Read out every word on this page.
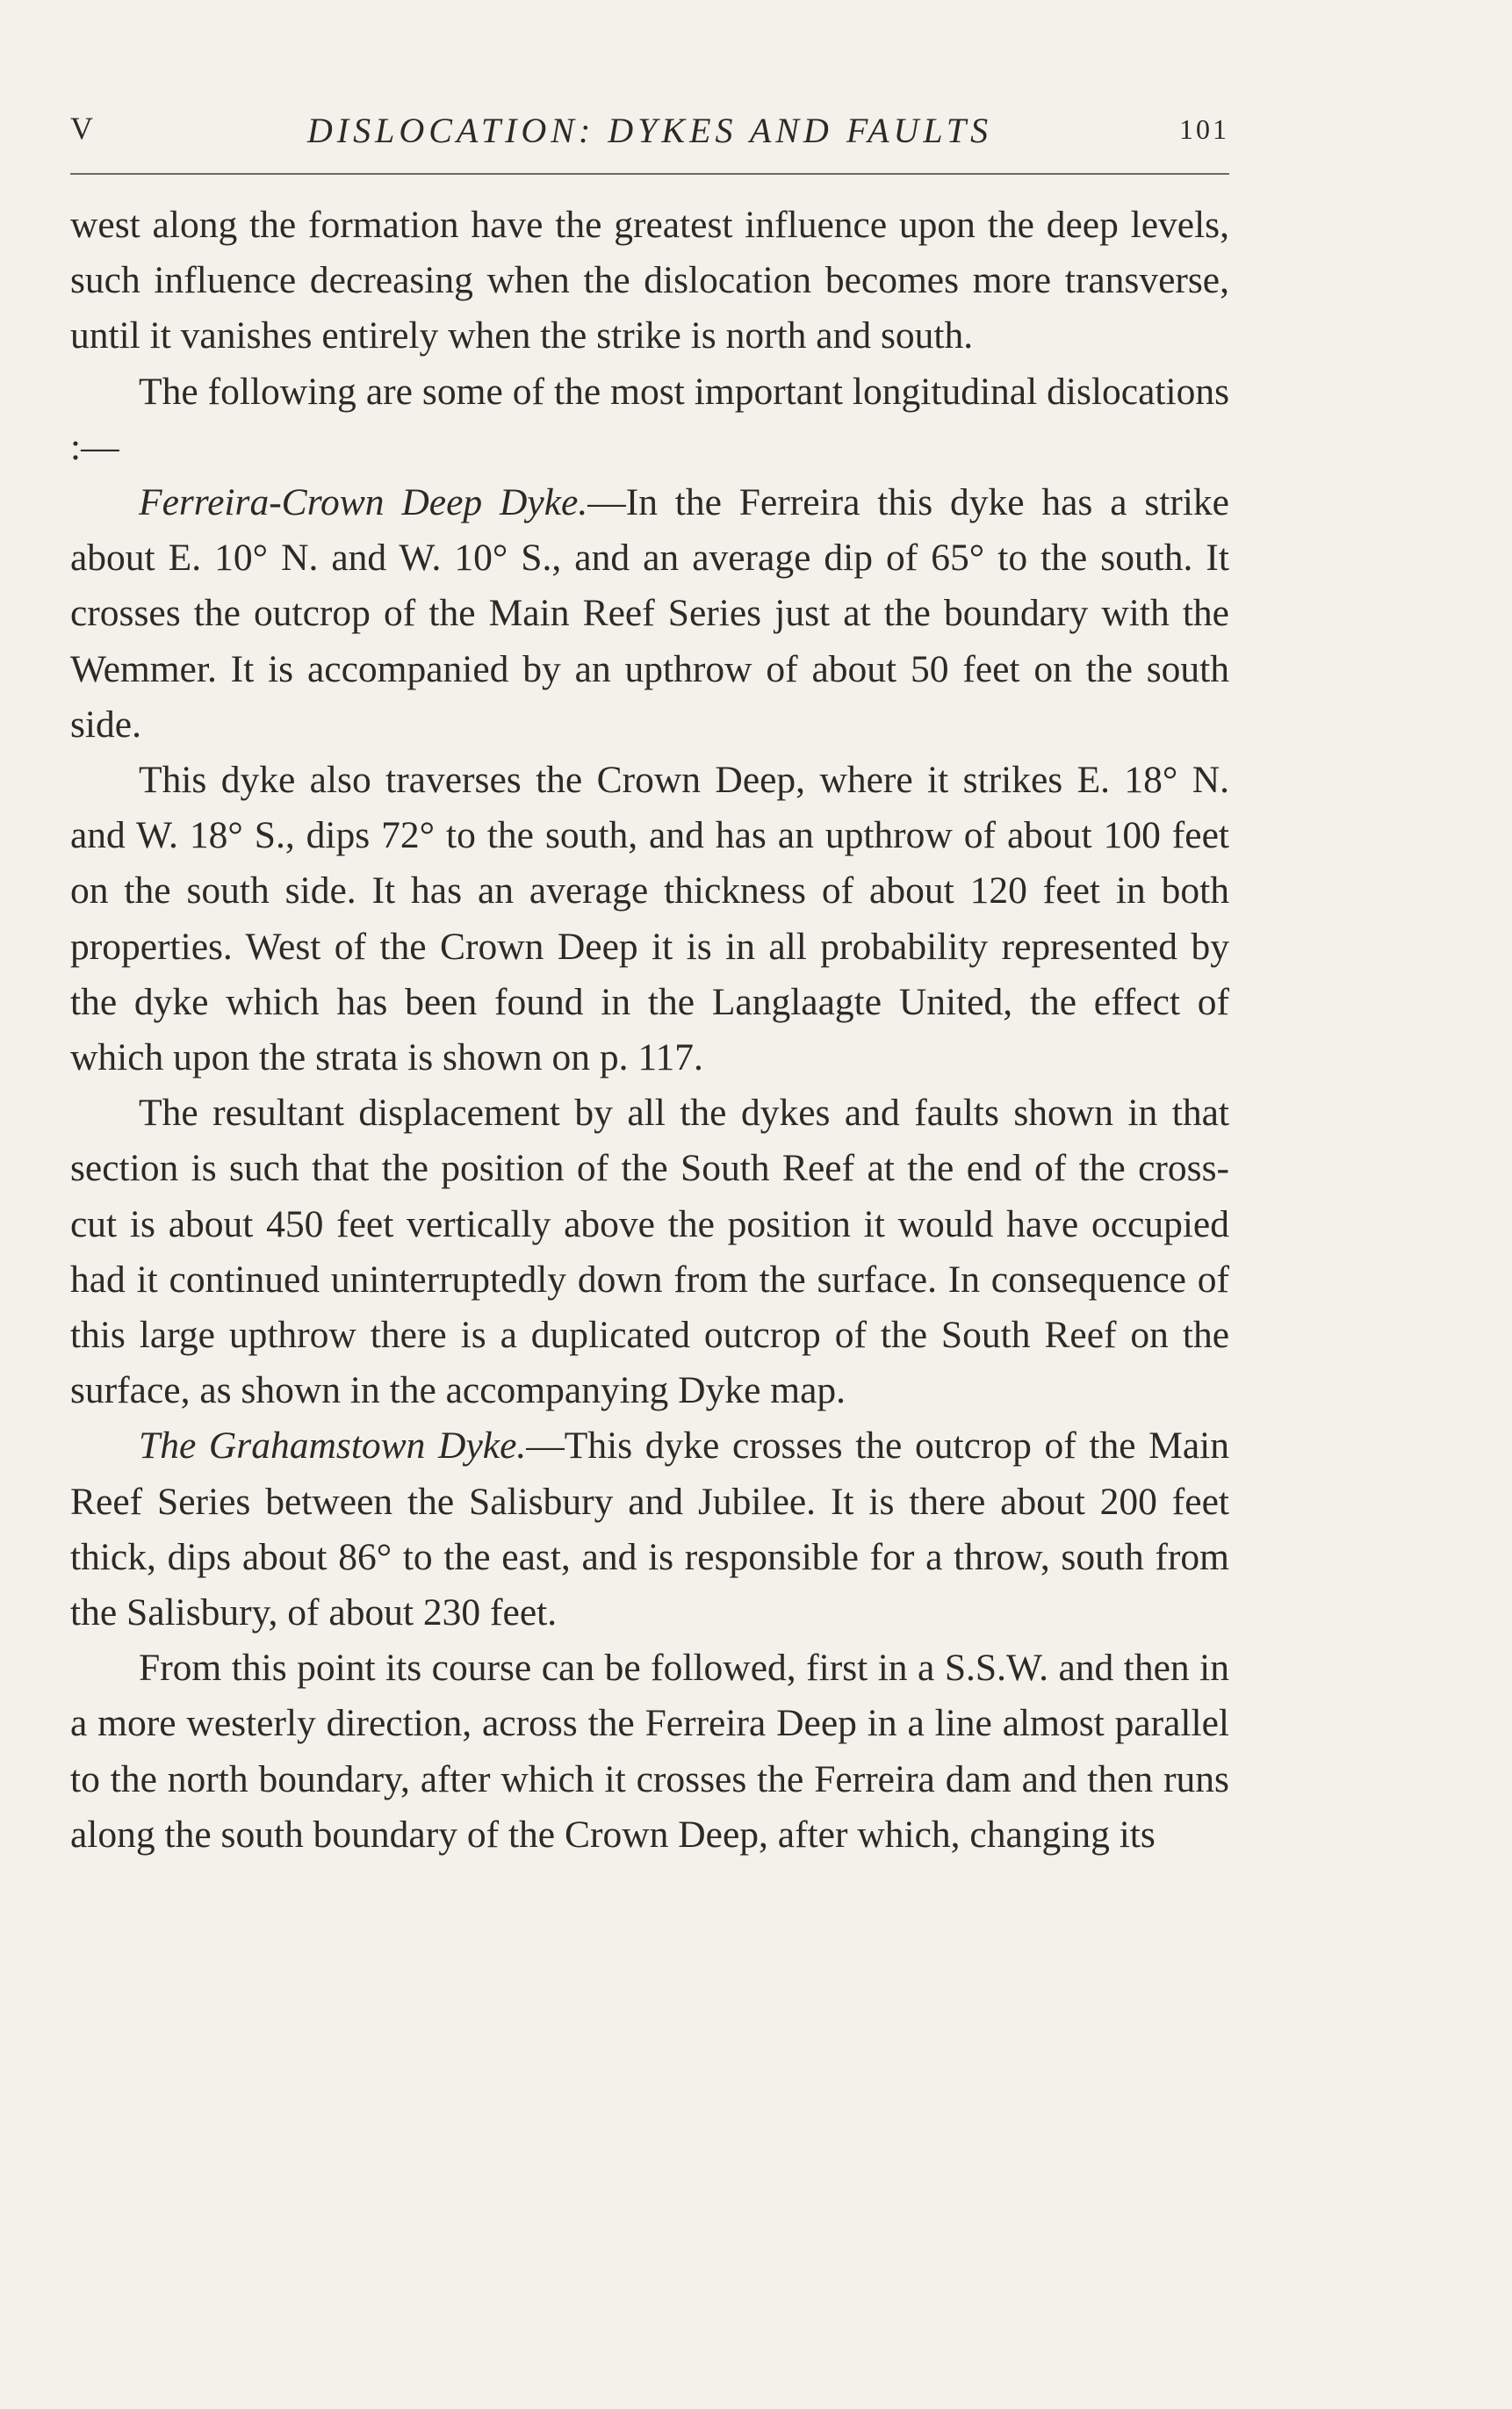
V	DISLOCATION: DYKES AND FAULTS	101

west along the formation have the greatest influence upon the deep levels, such influence decreasing when the dislocation becomes more transverse, until it vanishes entirely when the strike is north and south.

The following are some of the most important longitudinal dislocations :—

Ferreira-Crown Deep Dyke.—In the Ferreira this dyke has a strike about E. 10° N. and W. 10° S., and an average dip of 65° to the south. It crosses the outcrop of the Main Reef Series just at the boundary with the Wemmer. It is accompanied by an upthrow of about 50 feet on the south side.

This dyke also traverses the Crown Deep, where it strikes E. 18° N. and W. 18° S., dips 72° to the south, and has an upthrow of about 100 feet on the south side. It has an average thickness of about 120 feet in both properties. West of the Crown Deep it is in all probability represented by the dyke which has been found in the Langlaagte United, the effect of which upon the strata is shown on p. 117.

The resultant displacement by all the dykes and faults shown in that section is such that the position of the South Reef at the end of the cross-cut is about 450 feet vertically above the position it would have occupied had it continued uninterruptedly down from the surface. In consequence of this large upthrow there is a duplicated outcrop of the South Reef on the surface, as shown in the accompanying Dyke map.

The Grahamstown Dyke.—This dyke crosses the outcrop of the Main Reef Series between the Salisbury and Jubilee. It is there about 200 feet thick, dips about 86° to the east, and is responsible for a throw, south from the Salisbury, of about 230 feet.

From this point its course can be followed, first in a S.S.W. and then in a more westerly direction, across the Ferreira Deep in a line almost parallel to the north boundary, after which it crosses the Ferreira dam and then runs along the south boundary of the Crown Deep, after which, changing its
